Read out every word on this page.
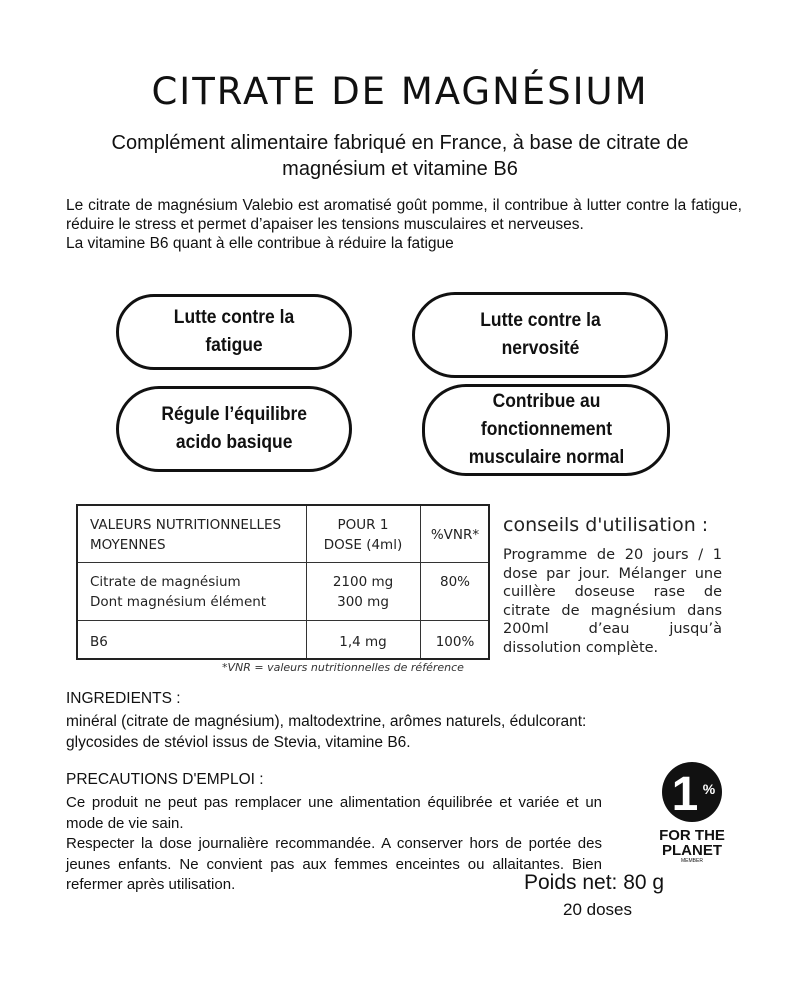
CITRATE DE MAGNÉSIUM
Complément alimentaire fabriqué en France, à base de citrate de
magnésium et vitamine B6

Le citrate de magnésium Valebio est aromatisé goût pomme, il contribue à lutter contre la fatigue, réduire le stress et permet d’apaiser les tensions musculaires et nerveuses.

La vitamine B6 quant à elle contribue à réduire la fatigue

Lutte contre la fatigue
Lutte contre la
nervosité
Régule l’équilibre
acido basique
Contribue au
fonctionnement
musculaire normal
VALEURS NUTRITIONNELLES
MOYENNES
POUR 1
DOSE (4ml)
%VNR*
Citrate de magnésium
Dont magnésium élément
2100 mg
300 mg
80%
B6	1,4 mg	100%
*VNR = valeurs nutritionnelles de référence
conseils d'utilisation :
Programme de 20 jours / 1 dose par jour. Mélanger une cuillère doseuse rase de citrate de magnésium dans 200ml d’eau jusqu’à dissolution complète.
INGREDIENTS :
minéral (citrate de magnésium), maltodextrine, arômes naturels, édulcorant:
glycosides de stéviol issus de Stevia, vitamine B6.
PRECAUTIONS D'EMPLOI :

Ce produit ne peut pas remplacer une alimentation équilibrée et variée et un mode de vie sain.

Respecter la dose journalière recommandée. A conserver hors de portée des jeunes enfants. Ne convient pas aux femmes enceintes ou allaitantes. Bien refermer après utilisation.

1 %
FOR THE
PLANET
MEMBER
Poids net: 80 g
20 doses
